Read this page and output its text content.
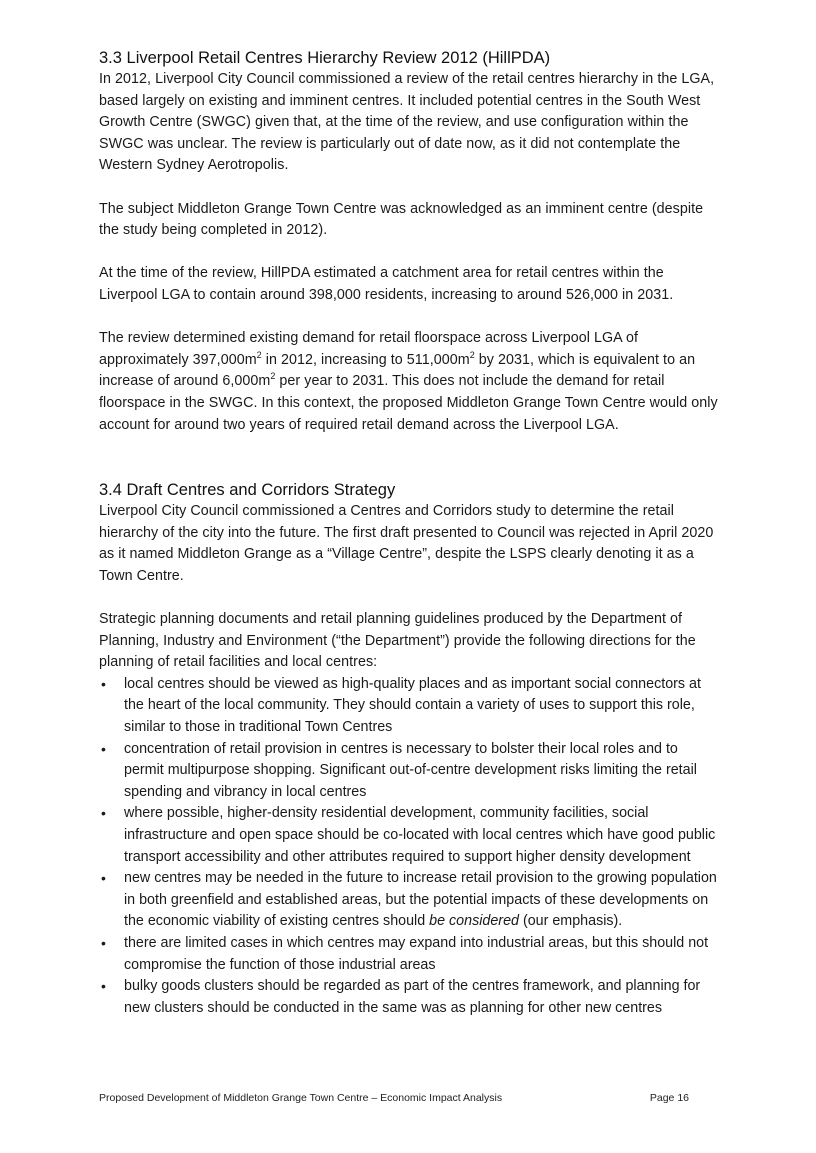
3.3 Liverpool Retail Centres Hierarchy Review 2012 (HillPDA)

In 2012, Liverpool City Council commissioned a review of the retail centres hierarchy in the LGA, based largely on existing and imminent centres. It included potential centres in the South West Growth Centre (SWGC) given that, at the time of the review, and use configuration within the SWGC was unclear. The review is particularly out of date now, as it did not contemplate the Western Sydney Aerotropolis.

The subject Middleton Grange Town Centre was acknowledged as an imminent centre (despite the study being completed in 2012).

At the time of the review, HillPDA estimated a catchment area for retail centres within the Liverpool LGA to contain around 398,000 residents, increasing to around 526,000 in 2031.

The review determined existing demand for retail floorspace across Liverpool LGA of approximately $397,000m^2$ in 2012, increasing to $511,000m^2$ by 2031, which is equivalent to an increase of around $6,000m^2$ per year to 2031. This does not include the demand for retail floorspace in the SWGC. In this context, the proposed Middleton Grange Town Centre would only account for around two years of required retail demand across the Liverpool LGA.

3.4 Draft Centres and Corridors Strategy

Liverpool City Council commissioned a Centres and Corridors study to determine the retail hierarchy of the city into the future. The first draft presented to Council was rejected in April 2020 as it named Middleton Grange as a “Village Centre”, despite the LSPS clearly denoting it as a Town Centre.

Strategic planning documents and retail planning guidelines produced by the Department of Planning, Industry and Environment (“the Department”) provide the following directions for the planning of retail facilities and local centres:

• local centres should be viewed as high-quality places and as important social connectors at the heart of the local community. They should contain a variety of uses to support this role, similar to those in traditional Town Centres
• concentration of retail provision in centres is necessary to bolster their local roles and to permit multipurpose shopping. Significant out-of-centre development risks limiting the retail spending and vibrancy in local centres
• where possible, higher-density residential development, community facilities, social infrastructure and open space should be co-located with local centres which have good public transport accessibility and other attributes required to support higher density development
• new centres may be needed in the future to increase retail provision to the growing population in both greenfield and established areas, but the potential impacts of these developments on the economic viability of existing centres should be considered (our emphasis).
• there are limited cases in which centres may expand into industrial areas, but this should not compromise the function of those industrial areas
• bulky goods clusters should be regarded as part of the centres framework, and planning for new clusters should be conducted in the same was as planning for other new centres
Proposed Development of Middleton Grange Town Centre – Economic Impact Analysis	Page 16
